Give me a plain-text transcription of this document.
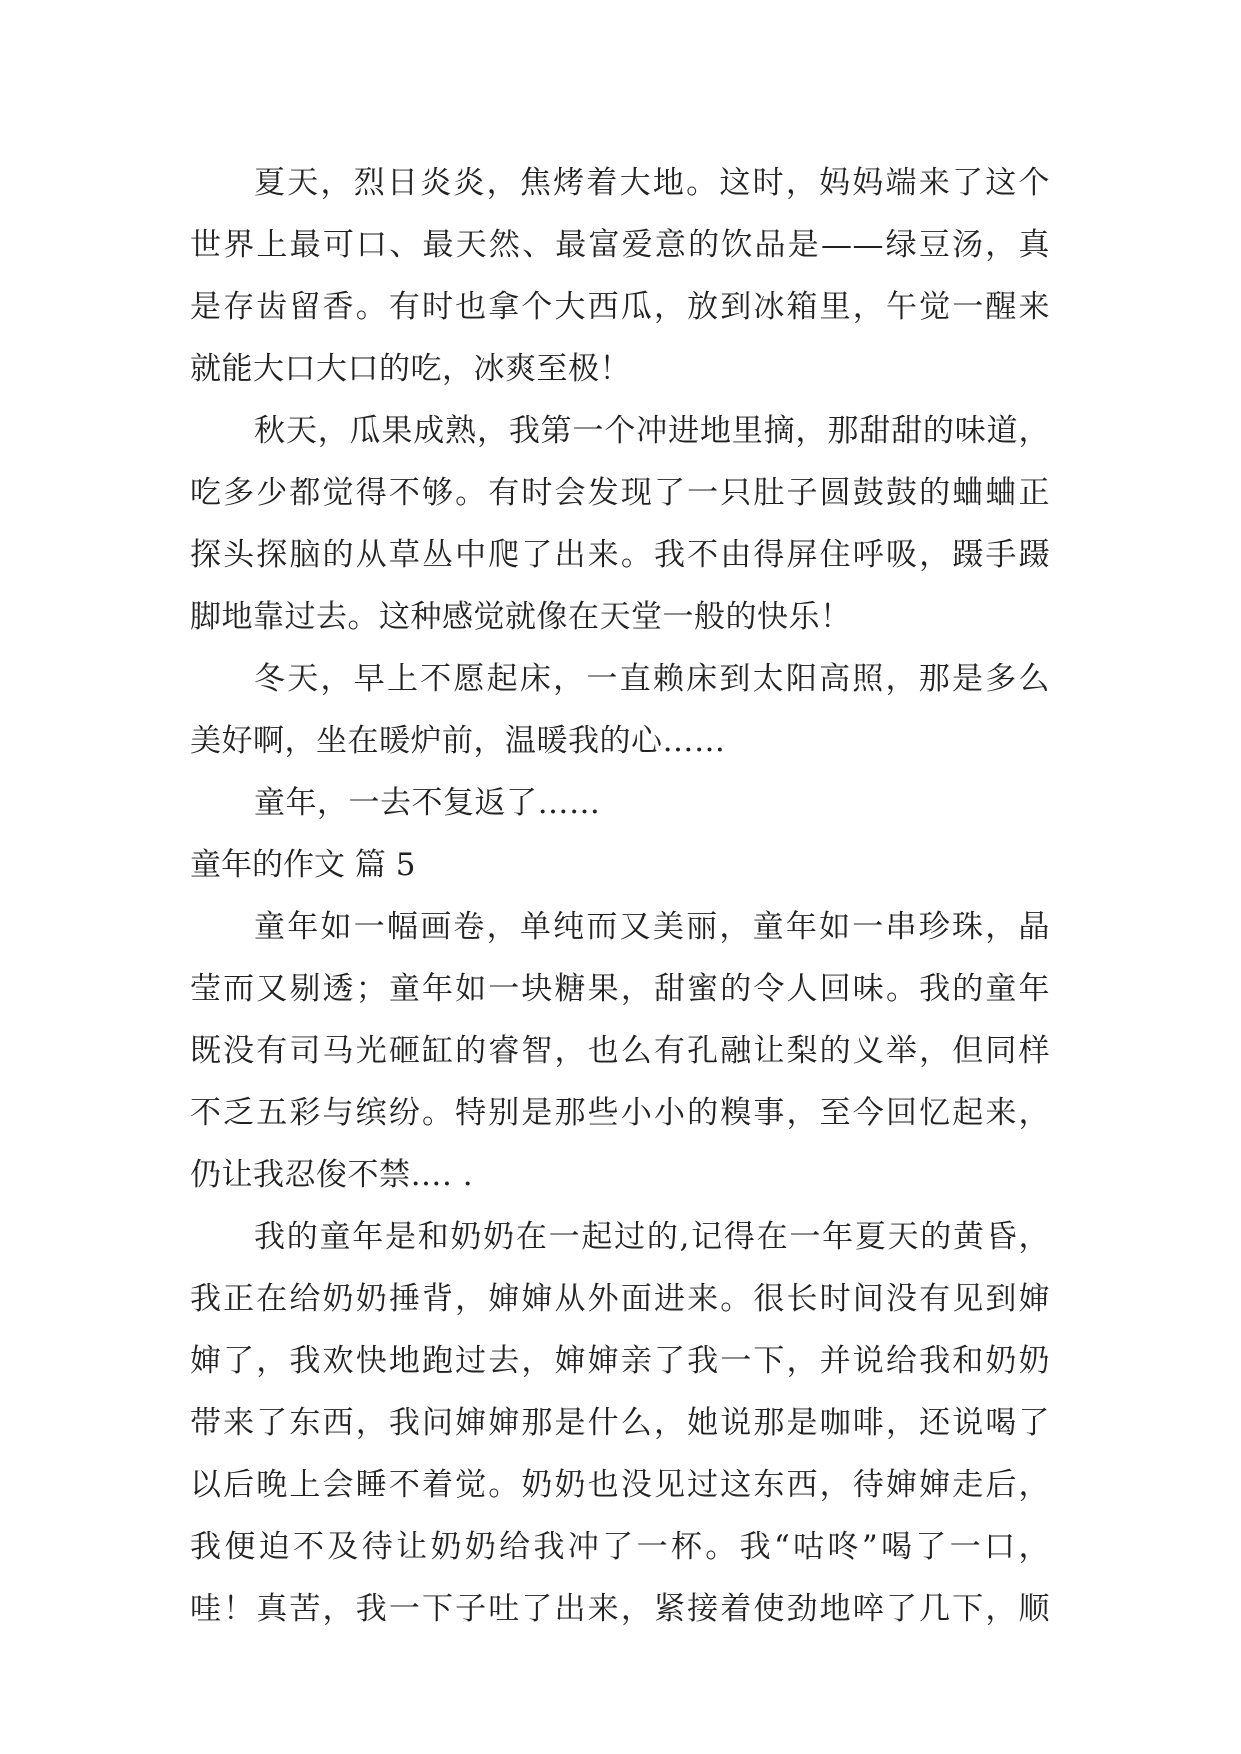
夏天，烈日炎炎，焦烤着大地。这时，妈妈端来了这个
世界上最可口、最天然、最富爱意的饮品是——绿豆汤，真
是存齿留香。有时也拿个大西瓜，放到冰箱里，午觉一醒来
就能大口大口的吃，冰爽至极！
秋天，瓜果成熟，我第一个冲进地里摘，那甜甜的味道，
吃多少都觉得不够。有时会发现了一只肚子圆鼓鼓的蛐蛐正
探头探脑的从草丛中爬了出来。我不由得屏住呼吸，蹑手蹑
脚地靠过去。这种感觉就像在天堂一般的快乐！
冬天，早上不愿起床，一直赖床到太阳高照，那是多么
美好啊，坐在暖炉前，温暖我的心……
童年，一去不复返了……
童年的作文 篇 5
童年如一幅画卷，单纯而又美丽，童年如一串珍珠，晶
莹而又剔透；童年如一块糖果，甜蜜的令人回味。我的童年
既没有司马光砸缸的睿智，也么有孔融让梨的义举，但同样
不乏五彩与缤纷。特别是那些小小的糗事，至今回忆起来，
仍让我忍俊不禁…. .
我的童年是和奶奶在一起过的,记得在一年夏天的黄昏，
我正在给奶奶捶背，婶婶从外面进来。很长时间没有见到婶
婶了，我欢快地跑过去，婶婶亲了我一下，并说给我和奶奶
带来了东西，我问婶婶那是什么，她说那是咖啡，还说喝了
以后晚上会睡不着觉。奶奶也没见过这东西，待婶婶走后，
我便迫不及待让奶奶给我冲了一杯。我“咕咚”喝了一口，
哇！真苦，我一下子吐了出来，紧接着使劲地啐了几下，顺
